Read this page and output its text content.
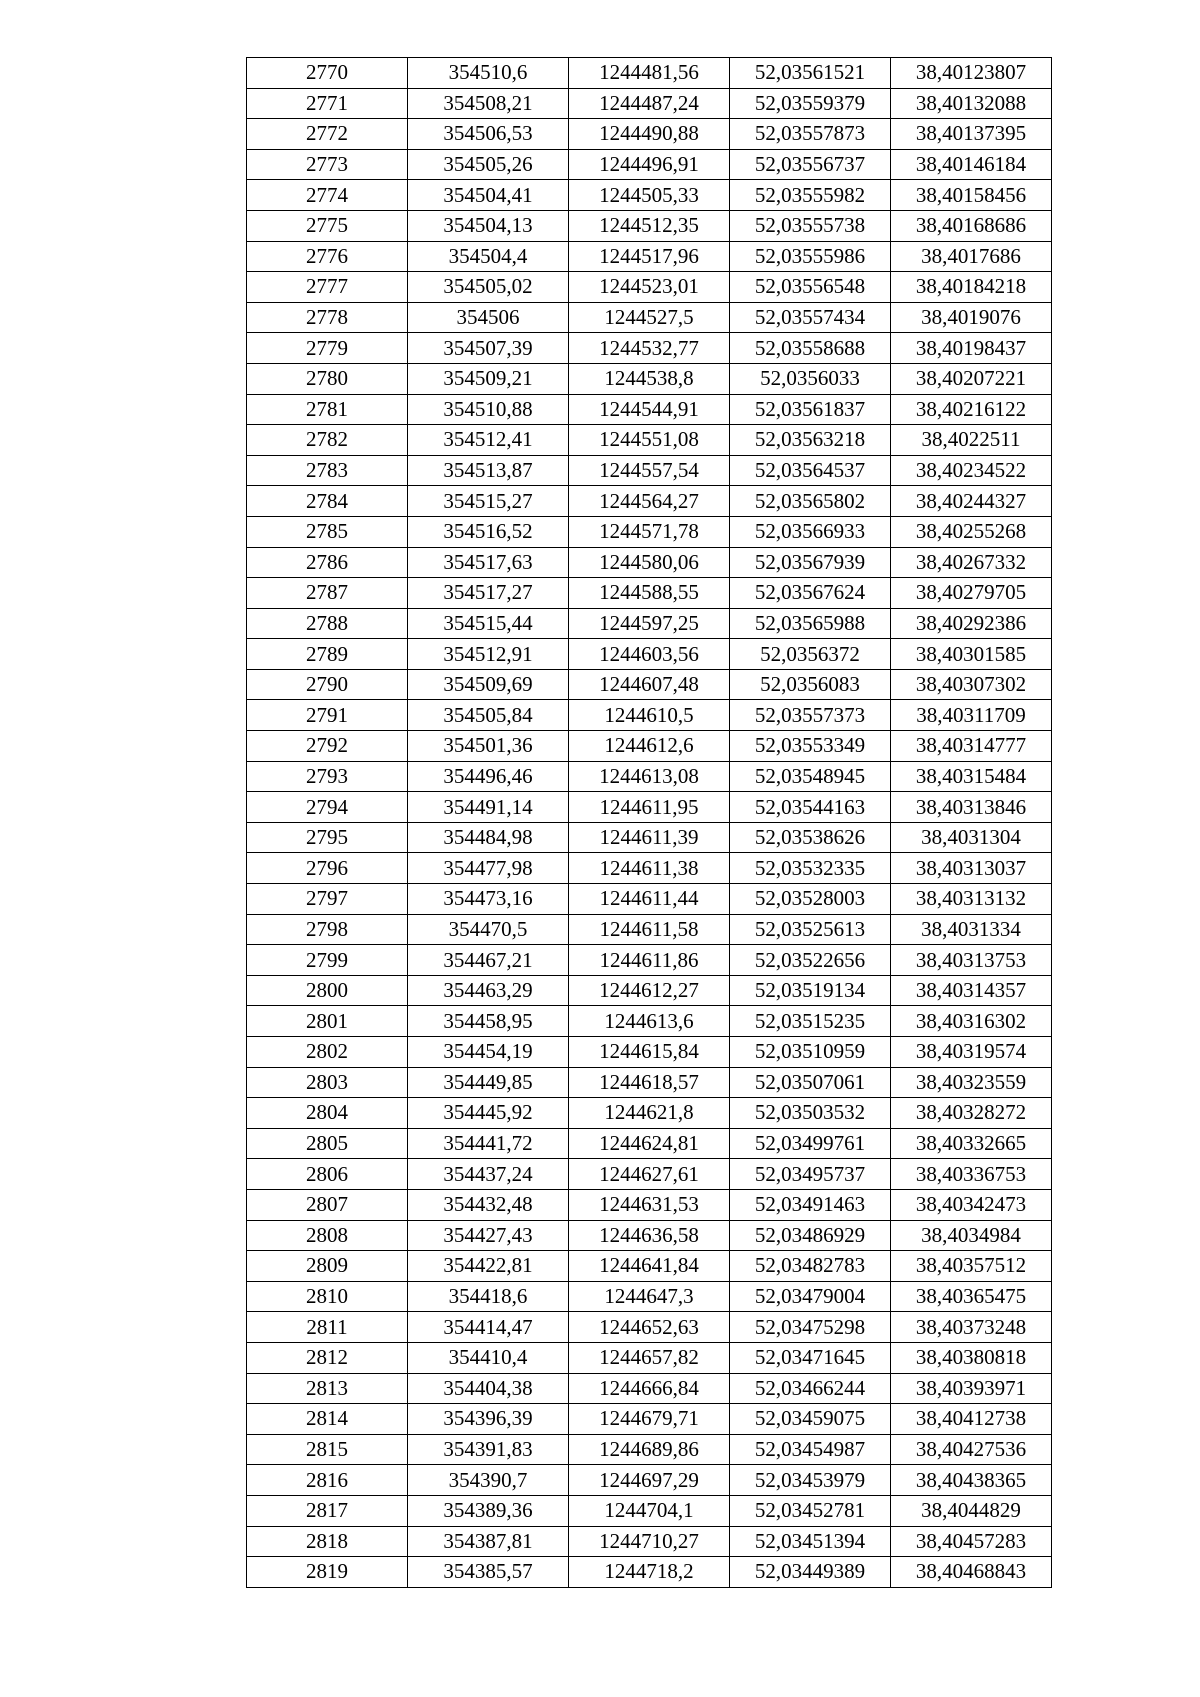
2770	354510,6	1244481,56	52,03561521	38,40123807
2771	354508,21	1244487,24	52,03559379	38,40132088
2772	354506,53	1244490,88	52,03557873	38,40137395
2773	354505,26	1244496,91	52,03556737	38,40146184
2774	354504,41	1244505,33	52,03555982	38,40158456
2775	354504,13	1244512,35	52,03555738	38,40168686
2776	354504,4	1244517,96	52,03555986	38,4017686
2777	354505,02	1244523,01	52,03556548	38,40184218
2778	354506	1244527,5	52,03557434	38,4019076
2779	354507,39	1244532,77	52,03558688	38,40198437
2780	354509,21	1244538,8	52,0356033	38,40207221
2781	354510,88	1244544,91	52,03561837	38,40216122
2782	354512,41	1244551,08	52,03563218	38,4022511
2783	354513,87	1244557,54	52,03564537	38,40234522
2784	354515,27	1244564,27	52,03565802	38,40244327
2785	354516,52	1244571,78	52,03566933	38,40255268
2786	354517,63	1244580,06	52,03567939	38,40267332
2787	354517,27	1244588,55	52,03567624	38,40279705
2788	354515,44	1244597,25	52,03565988	38,40292386
2789	354512,91	1244603,56	52,0356372	38,40301585
2790	354509,69	1244607,48	52,0356083	38,40307302
2791	354505,84	1244610,5	52,03557373	38,40311709
2792	354501,36	1244612,6	52,03553349	38,40314777
2793	354496,46	1244613,08	52,03548945	38,40315484
2794	354491,14	1244611,95	52,03544163	38,40313846
2795	354484,98	1244611,39	52,03538626	38,4031304
2796	354477,98	1244611,38	52,03532335	38,40313037
2797	354473,16	1244611,44	52,03528003	38,40313132
2798	354470,5	1244611,58	52,03525613	38,4031334
2799	354467,21	1244611,86	52,03522656	38,40313753
2800	354463,29	1244612,27	52,03519134	38,40314357
2801	354458,95	1244613,6	52,03515235	38,40316302
2802	354454,19	1244615,84	52,03510959	38,40319574
2803	354449,85	1244618,57	52,03507061	38,40323559
2804	354445,92	1244621,8	52,03503532	38,40328272
2805	354441,72	1244624,81	52,03499761	38,40332665
2806	354437,24	1244627,61	52,03495737	38,40336753
2807	354432,48	1244631,53	52,03491463	38,40342473
2808	354427,43	1244636,58	52,03486929	38,4034984
2809	354422,81	1244641,84	52,03482783	38,40357512
2810	354418,6	1244647,3	52,03479004	38,40365475
2811	354414,47	1244652,63	52,03475298	38,40373248
2812	354410,4	1244657,82	52,03471645	38,40380818
2813	354404,38	1244666,84	52,03466244	38,40393971
2814	354396,39	1244679,71	52,03459075	38,40412738
2815	354391,83	1244689,86	52,03454987	38,40427536
2816	354390,7	1244697,29	52,03453979	38,40438365
2817	354389,36	1244704,1	52,03452781	38,4044829
2818	354387,81	1244710,27	52,03451394	38,40457283
2819	354385,57	1244718,2	52,03449389	38,40468843
